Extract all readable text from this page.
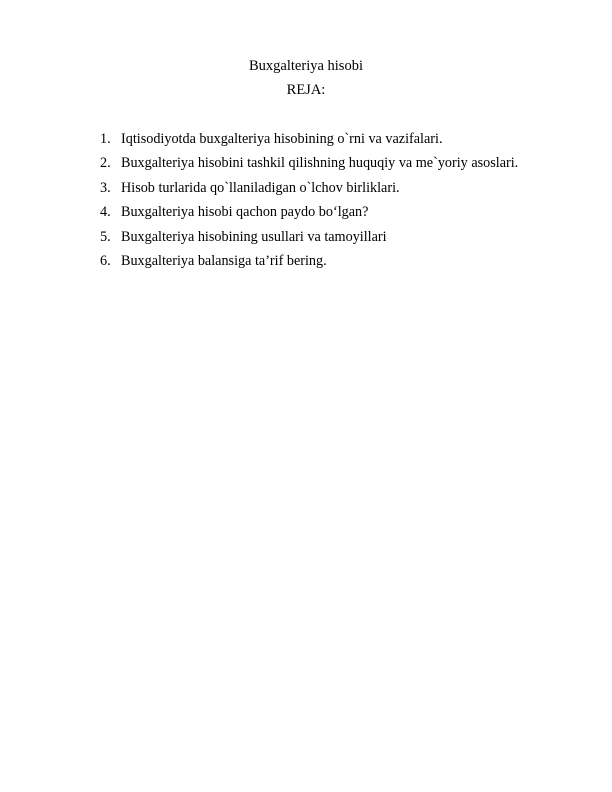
Buxgalteriya hisobi

REJA:

1. Iqtisodiyotda buxgalteriya hisobining o`rni va vazifalari.
2. Buxgalteriya hisobini tashkil qilishning huquqiy va me`yoriy asoslari.
3. Hisob turlarida qo`llaniladigan o`lchov birliklari.
4. Buxgalteriya hisobi qachon paydo bo‘lgan?
5. Buxgalteriya hisobining usullari va tamoyillari
6. Buxgalteriya balansiga ta’rif bering.
